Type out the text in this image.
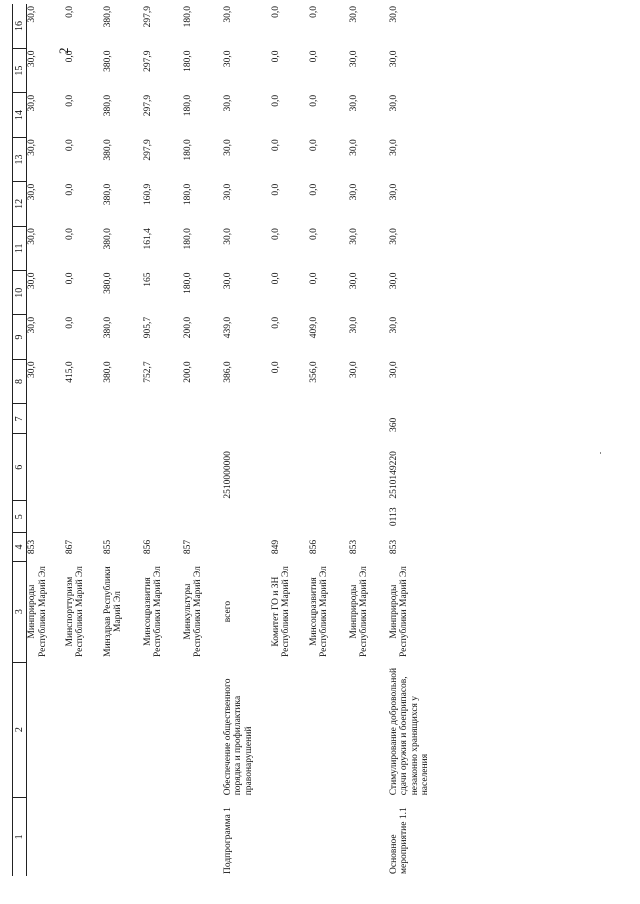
1	2	3	4	5	6	7	8	9	10	11	12	13	14	15	16
		Минприроды Республики Марий Эл	853				30,0	30,0	30,0	30,0	30,0	30,0	30,0	30,0	30,0
		Минспорттуризм Республики Марий Эл	867				415,0	0,0	0,0	0,0	0,0	0,0	0,0	0,0	0,0
		Минздрав Республики Марий Эл	855				380,0	380,0	380,0	380,0	380,0	380,0	380,0	380,0	380,0
		Минсоцразвития Республики Марий Эл	856				752,7	905,7	165	161,4	160,9	297,9	297,9	297,9	297,9
		Минкультуры Республики Марий Эл	857				200,0	200,0	180,0	180,0	180,0	180,0	180,0	180,0	180,0
Подпрограмма 1	Обеспечение общественного порядка и профилактика правонарушений	всего			2510000000		386,0	439,0	30,0	30,0	30,0	30,0	30,0	30,0	30,0
		Комитет ГО и ЗН Республики Марий Эл	849				0,0	0,0	0,0	0,0	0,0	0,0	0,0	0,0	0,0
		Минсоцразвития Республики Марий Эл	856				356,0	409,0	0,0	0,0	0,0	0,0	0,0	0,0	0,0
		Минприроды Республики Марий Эл	853				30,0	30,0	30,0	30,0	30,0	30,0	30,0	30,0	30,0
Основное мероприятие 1.1	Стимулирование добровольной сдачи оружия и боеприпасов, незаконно хранящихся у населения	Минприроды Республики Марий Эл	853	0113	2510149220	360	30,0	30,0	30,0	30,0	30,0	30,0	30,0	30,0	30,0
2
